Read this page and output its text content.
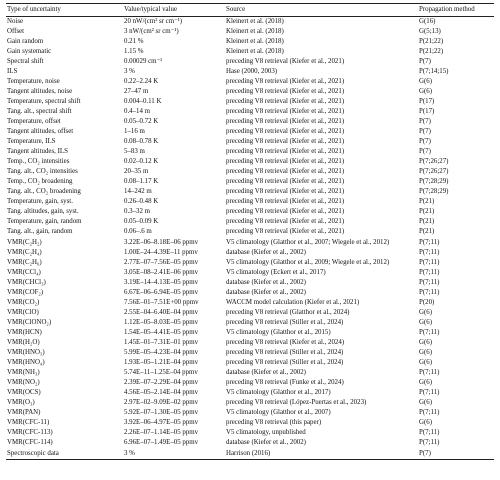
Type of uncertainty	Value/typical value	Source	Propagation method
Noise	20 nW/(cm² sr cm⁻¹)	Kleinert et al. (2018)	G(16)
Offset	3 nW/(cm² sr cm⁻¹)	Kleinert et al. (2018)	G(5;13)
Gain random	0.21 %	Kleinert et al. (2018)	P(21;22)
Gain systematic	1.15 %	Kleinert et al. (2018)	P(21;22)
Spectral shift	0.00029 cm⁻¹	preceding V8 retrieval (Kiefer et al., 2021)	P(7)
ILS	3 %	Hase (2000, 2003)	P(7;14;15)
Temperature, noise	0.22–2.24 K	preceding V8 retrieval (Kiefer et al., 2021)	G(6)
Tangent altitudes, noise	27–47 m	preceding V8 retrieval (Kiefer et al., 2021)	G(6)
Temperature, spectral shift	0.004–0.11 K	preceding V8 retrieval (Kiefer et al., 2021)	P(17)
Tang. alt., spectral shift	0.4–14 m	preceding V8 retrieval (Kiefer et al., 2021)	P(17)
Temperature, offset	0.05–0.72 K	preceding V8 retrieval (Kiefer et al., 2021)	P(7)
Tangent altitudes, offset	1–16 m	preceding V8 retrieval (Kiefer et al., 2021)	P(7)
Temperature, ILS	0.08–0.78 K	preceding V8 retrieval (Kiefer et al., 2021)	P(7)
Tangent altitudes, ILS	5–83 m	preceding V8 retrieval (Kiefer et al., 2021)	P(7)
Temp., CO₂ intensities	0.02–0.12 K	preceding V8 retrieval (Kiefer et al., 2021)	P(7;26;27)
Tang. alt., CO₂ intensities	20–35 m	preceding V8 retrieval (Kiefer et al., 2021)	P(7;26;27)
Temp., CO₂ broadening	0.08–1.17 K	preceding V8 retrieval (Kiefer et al., 2021)	P(7;28;29)
Tang. alt., CO₂ broadening	14–242 m	preceding V8 retrieval (Kiefer et al., 2021)	P(7;28;29)
Temperature, gain, syst.	0.26–0.48 K	preceding V8 retrieval (Kiefer et al., 2021)	P(21)
Tang. altitudes, gain, syst.	0.3–32 m	preceding V8 retrieval (Kiefer et al., 2021)	P(21)
Temperature, gain, random	0.05–0.09 K	preceding V8 retrieval (Kiefer et al., 2021)	P(21)
Tang. alt., gain, random	0.06–.6 m	preceding V8 retrieval (Kiefer et al., 2021)	P(21)
VMR(C₂H₂)	3.22E–06–8.18E–06 ppmv	V5 climatology (Glatthor et al., 2007; Wiegele et al., 2012)	P(7;11)
VMR(C₂H₄)	1.00E–24–4.39E–11 ppmv	database (Kiefer et al., 2002)	P(7;11)
VMR(C₂H₆)	2.77E–07–7.56E–05 ppmv	V5 climatology (Glatthor et al., 2009; Wiegele et al., 2012)	P(7;11)
VMR(CCl₄)	3.05E–08–2.41E–06 ppmv	V5 climatology (Eckert et al., 2017)	P(7;11)
VMR(CHCl₃)	3.19E–14–4.13E–05 ppmv	database (Kiefer et al., 2002)	P(7;11)
VMR(COF₂)	6.67E–06–6.94E–05 ppmv	database (Kiefer et al., 2002)	P(7;11)
VMR(CO₂)	7.56E–01–7.51E+00 ppmv	WACCM model calculation (Kiefer et al., 2021)	P(20)
VMR(ClO)	2.55E–04–6.40E–04 ppmv	preceding V8 retrieval (Glatthor et al., 2024)	G(6)
VMR(ClONO₂)	1.12E–05–8.03E–05 ppmv	preceding V8 retrieval (Stiller et al., 2024)	G(6)
VMR(HCN)	1.54E–05–4.41E–05 ppmv	V5 climatology (Glatthor et al., 2015)	P(7;11)
VMR(H₂O)	1.45E–01–7.31E–01 ppmv	preceding V8 retrieval (Kiefer et al., 2024)	G(6)
VMR(HNO₃)	5.99E–05–4.23E–04 ppmv	preceding V8 retrieval (Stiller et al., 2024)	G(6)
VMR(HNO₄)	1.93E–05–1.21E–04 ppmv	preceding V8 retrieval (Stiller et al., 2024)	G(6)
VMR(NH₃)	5.74E–11–1.25E–04 ppmv	database (Kiefer et al., 2002)	P(7;11)
VMR(NO₂)	2.39E–07–2.29E–04 ppmv	preceding V8 retrieval (Funke et al., 2024)	G(6)
VMR(OCS)	4.56E–05–2.14E–04 ppmv	V5 climatology (Glatthor et al., 2017)	P(7;11)
VMR(O₃)	2.97E–02–9.09E–02 ppmv	preceding V8 retrieval (López-Puertas et al., 2023)	G(6)
VMR(PAN)	5.92E–07–1.30E–05 ppmv	V5 climatology (Glatthor et al., 2007)	P(7;11)
VMR(CFC-11)	3.92E–06–4.97E–05 ppmv	preceding V8 retrieval (this paper)	G(6)
VMR(CFC-113)	2.26E–07–1.14E–05 ppmv	V5 climatology, unpublished	P(7;11)
VMR(CFC-114)	6.96E–07–1.49E–05 ppmv	database (Kiefer et al., 2002)	P(7;11)
Spectroscopic data	3 %	Harrison (2016)	P(7)
